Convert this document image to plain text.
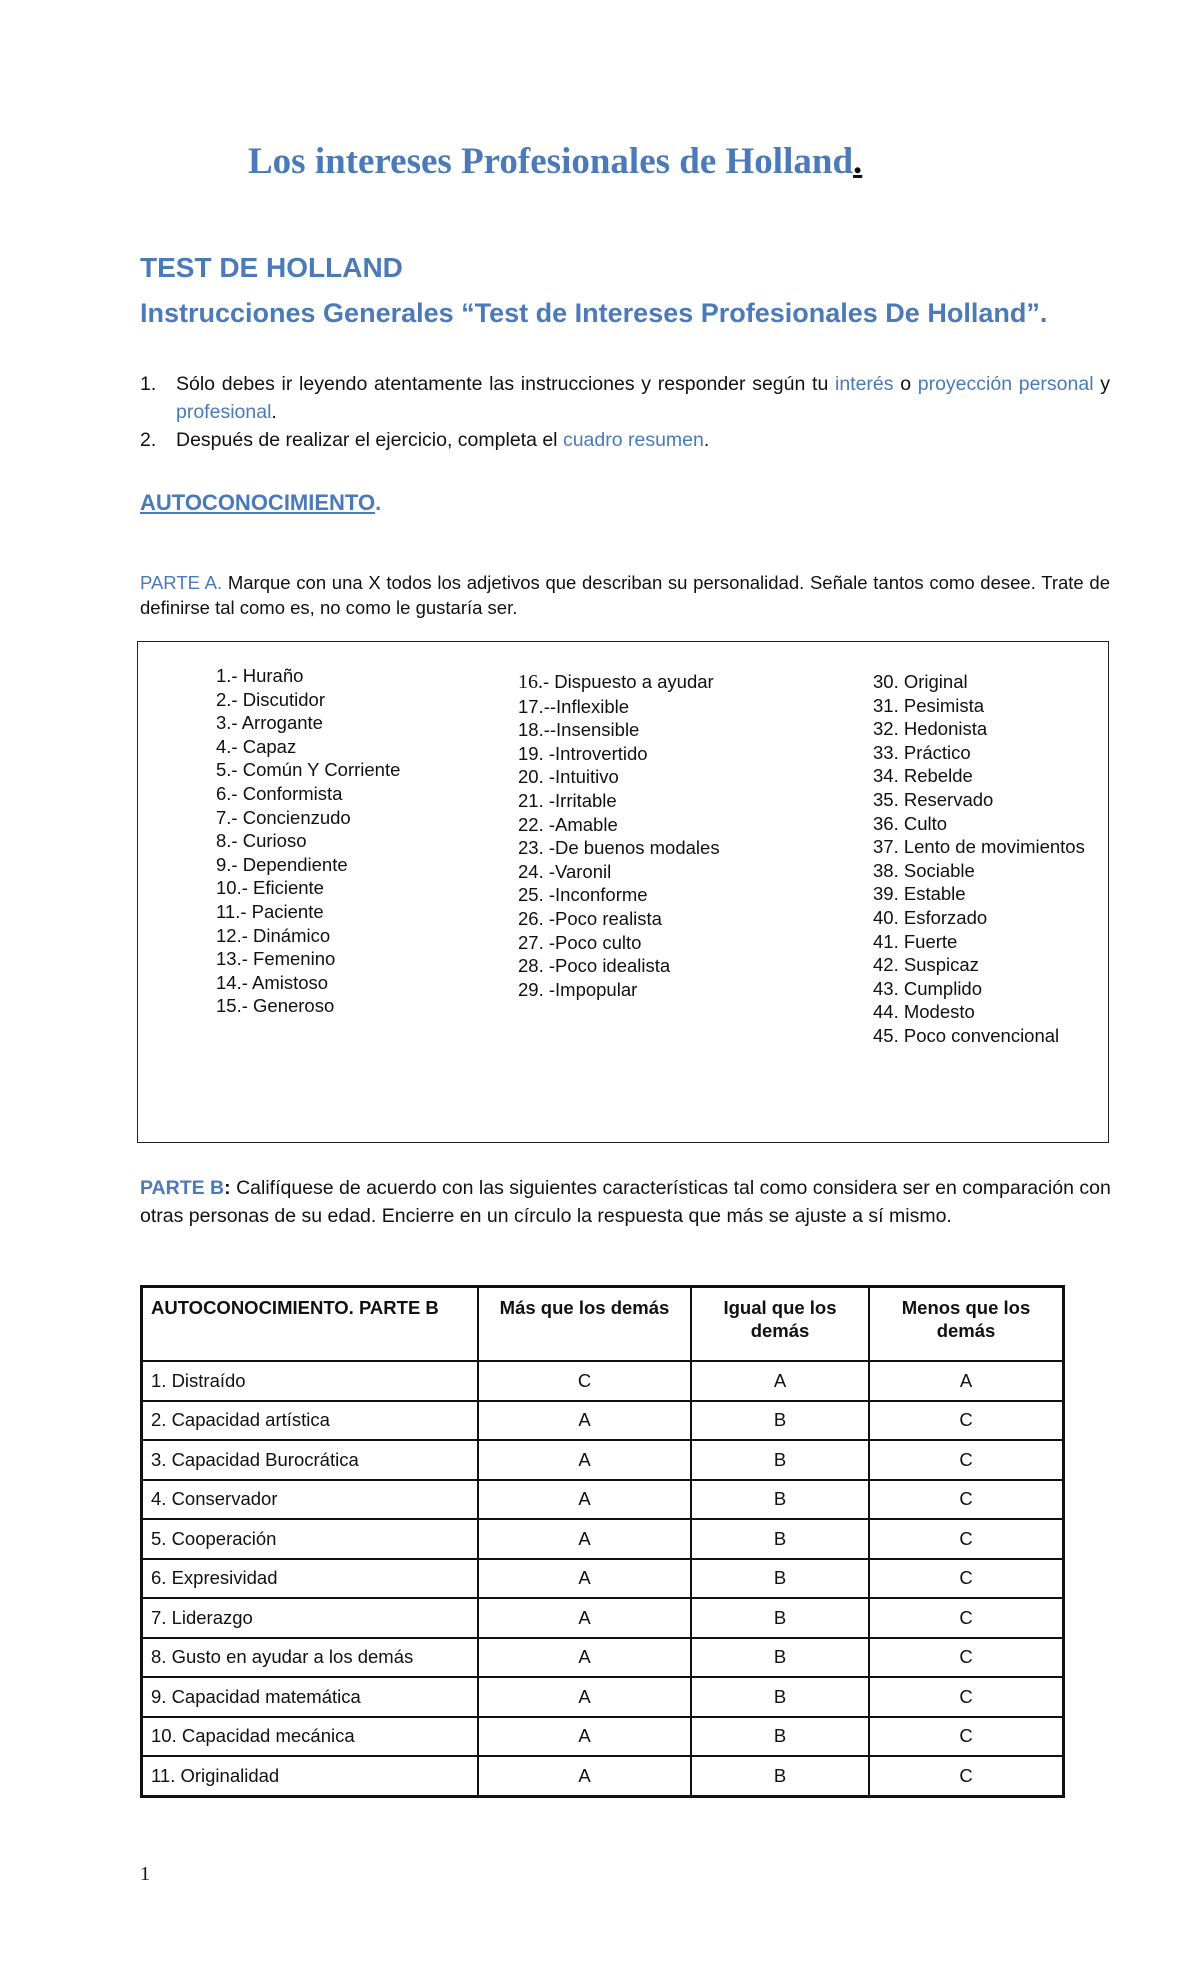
Los intereses Profesionales de Holland.
TEST DE HOLLAND
Instrucciones Generales “Test de Intereses Profesionales De Holland”.
1. Sólo debes ir leyendo atentamente las instrucciones y responder según tu interés o proyección personal y profesional.
2. Después de realizar el ejercicio, completa el cuadro resumen.
AUTOCONOCIMIENTO.
PARTE A. Marque con una X todos los adjetivos que describan su personalidad. Señale tantos como desee. Trate de definirse tal como es, no como le gustaría ser.
1.- Huraño
2.- Discutidor
3.- Arrogante
4.- Capaz
5.- Común Y Corriente
6.- Conformista
7.- Concienzudo
8.- Curioso
9.- Dependiente
10.- Eficiente
11.- Paciente
12.- Dinámico
13.- Femenino
14.- Amistoso
15.- Generoso
16.- Dispuesto a ayudar
17.--Inflexible
18.--Insensible
19. -Introvertido
20. -Intuitivo
21. -Irritable
22. -Amable
23. -De buenos modales
24. -Varonil
25. -Inconforme
26. -Poco realista
27. -Poco culto
28. -Poco idealista
29. -Impopular
30. Original
31. Pesimista
32. Hedonista
33. Práctico
34. Rebelde
35. Reservado
36. Culto
37. Lento de movimientos
38. Sociable
39. Estable
40. Esforzado
41. Fuerte
42. Suspicaz
43. Cumplido
44. Modesto
45. Poco convencional
PARTE B: Califíquese de acuerdo con las siguientes características tal como considera ser en comparación con otras personas de su edad. Encierre en un círculo la respuesta que más se ajuste a sí mismo.
AUTOCONOCIMIENTO. PARTE B	Más que los demás	Igual que los demás	Menos que los demás
1. Distraído	C	A	A
2. Capacidad artística	A	B	C
3. Capacidad Burocrática	A	B	C
4. Conservador	A	B	C
5. Cooperación	A	B	C
6. Expresividad	A	B	C
7. Liderazgo	A	B	C
8. Gusto en ayudar a los demás	A	B	C
9. Capacidad matemática	A	B	C
10. Capacidad mecánica	A	B	C
11. Originalidad	A	B	C
1
